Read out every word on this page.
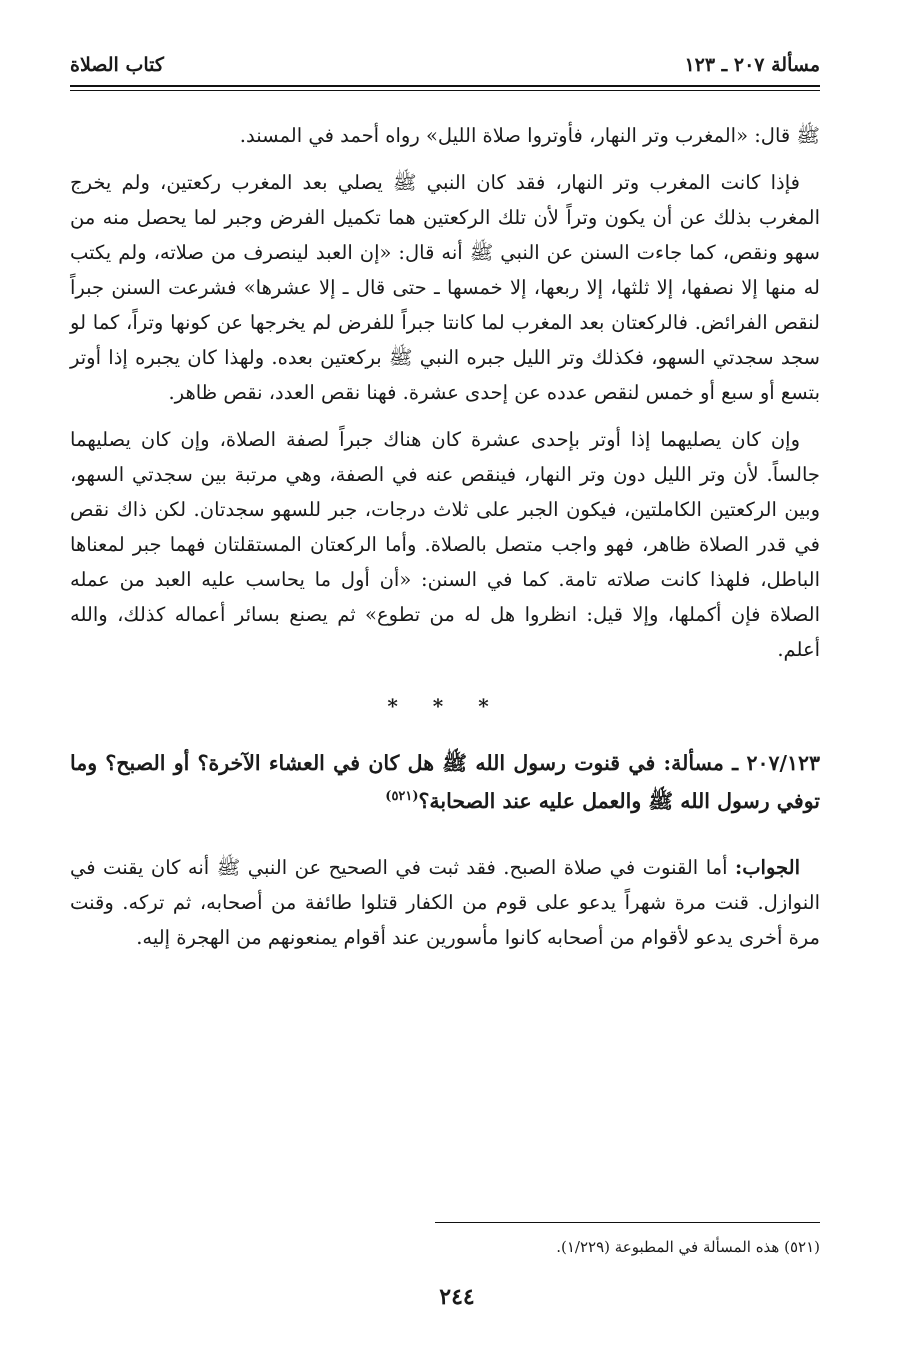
مسألة ٢٠٧ ـ ١٢٣
كتاب الصلاة

ﷺ قال: «المغرب وتر النهار، فأوتروا صلاة الليل» رواه أحمد في المسند.

فإذا كانت المغرب وتر النهار، فقد كان النبي ﷺ يصلي بعد المغرب ركعتين، ولم يخرج المغرب بذلك عن أن يكون وتراً لأن تلك الركعتين هما تكميل الفرض وجبر لما يحصل منه من سهو ونقص، كما جاءت السنن عن النبي ﷺ أنه قال: «إن العبد لينصرف من صلاته، ولم يكتب له منها إلا نصفها، إلا ثلثها، إلا ربعها، إلا خمسها ـ حتى قال ـ إلا عشرها» فشرعت السنن جبراً لنقص الفرائض. فالركعتان بعد المغرب لما كانتا جبراً للفرض لم يخرجها عن كونها وتراً، كما لو سجد سجدتي السهو، فكذلك وتر الليل جبره النبي ﷺ بركعتين بعده. ولهذا كان يجبره إذا أوتر بتسع أو سبع أو خمس لنقص عدده عن إحدى عشرة. فهنا نقص العدد، نقص ظاهر.

وإن كان يصليهما إذا أوتر بإحدى عشرة كان هناك جبراً لصفة الصلاة، وإن كان يصليهما جالساً. لأن وتر الليل دون وتر النهار، فينقص عنه في الصفة، وهي مرتبة بين سجدتي السهو، وبين الركعتين الكاملتين، فيكون الجبر على ثلاث درجات، جبر للسهو سجدتان. لكن ذاك نقص في قدر الصلاة ظاهر، فهو واجب متصل بالصلاة. وأما الركعتان المستقلتان فهما جبر لمعناها الباطل، فلهذا كانت صلاته تامة. كما في السنن: «أن أول ما يحاسب عليه العبد من عمله الصلاة فإن أكملها، وإلا قيل: انظروا هل له من تطوع» ثم يصنع بسائر أعماله كذلك، والله أعلم.

* * *

٢٠٧/١٢٣ ـ مسألة: في قنوت رسول الله ﷺ هل كان في العشاء الآخرة؟ أو الصبح؟ وما توفي رسول الله ﷺ والعمل عليه عند الصحابة؟$^{(٥٢١)}$

الجواب: أما القنوت في صلاة الصبح. فقد ثبت في الصحيح عن النبي ﷺ أنه كان يقنت في النوازل. قنت مرة شهراً يدعو على قوم من الكفار قتلوا طائفة من أصحابه، ثم تركه. وقنت مرة أخرى يدعو لأقوام من أصحابه كانوا مأسورين عند أقوام يمنعونهم من الهجرة إليه.

(٥٢١) هذه المسألة في المطبوعة (١/٢٢٩).
٢٤٤
